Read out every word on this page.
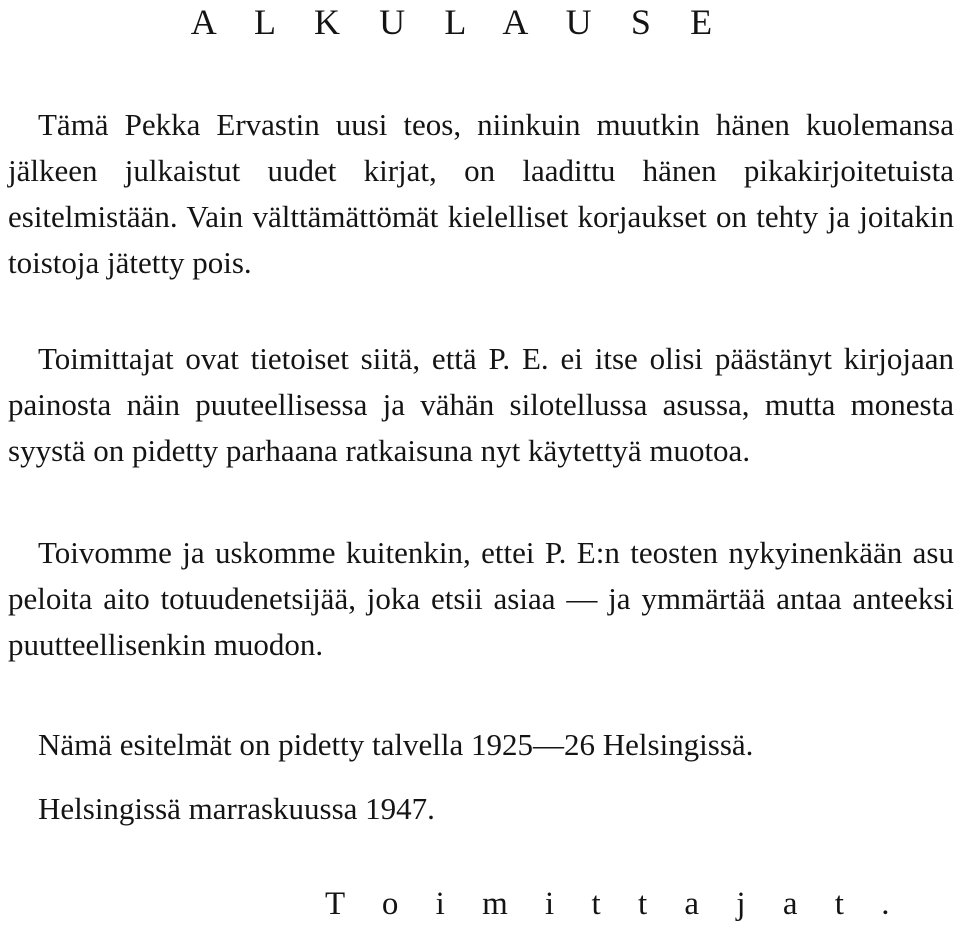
A L K U L A U S E

Tämä Pekka Ervastin uusi teos, niinkuin muutkin hänen kuolemansa jälkeen julkaistut uudet kirjat, on laadittu hänen pikakirjoitetuista esitelmistään. Vain välttämättömät kielelliset korjaukset on tehty ja joitakin toistoja jätetty pois.

Toimittajat ovat tietoiset siitä, että P. E. ei itse olisi päästänyt kirjojaan painosta näin puuteellisessa ja vähän silotellussa asussa, mutta monesta syystä on pidetty parhaana ratkaisuna nyt käytettyä muotoa.

Toivomme ja uskomme kuitenkin, ettei P. E:n teosten nykyinenkään asu peloita aito totuudenetsijää, joka etsii asiaa — ja ymmärtää antaa anteeksi puutteellisenkin muodon.

Nämä esitelmät on pidetty talvella 1925—26 Helsingissä.

Helsingissä marraskuussa 1947.

T o i m i t t a j a t .
